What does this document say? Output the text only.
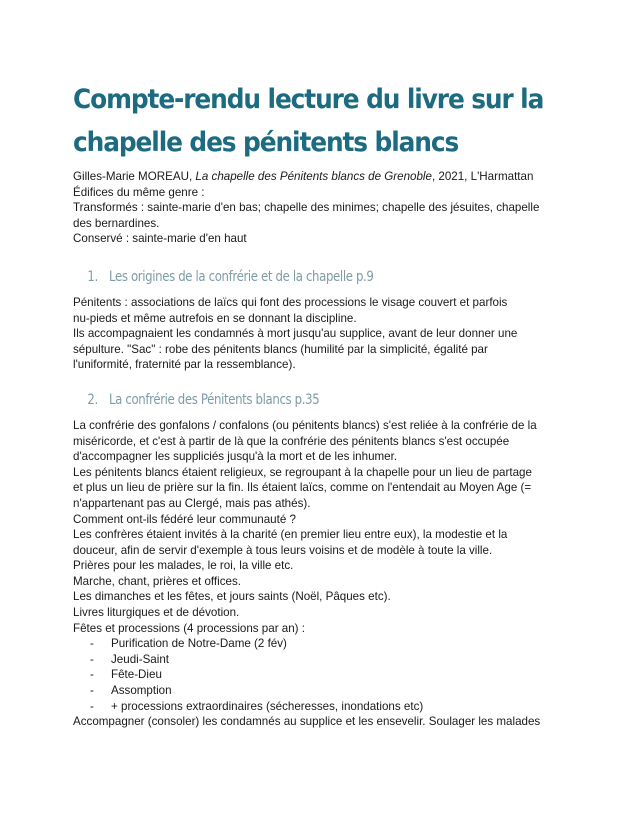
Compte-rendu lecture du livre sur la
chapelle des pénitents blancs
Gilles-Marie MOREAU, La chapelle des Pénitents blancs de Grenoble, 2021, L'Harmattan
Édifices du même genre :
Transformés : sainte-marie d'en bas; chapelle des minimes; chapelle des jésuites, chapelle
des bernardines.
Conservé : sainte-marie d'en haut
1. Les origines de la confrérie et de la chapelle p.9
Pénitents : associations de laïcs qui font des processions le visage couvert et parfois
nu-pieds et même autrefois en se donnant la discipline.
Ils accompagnaient les condamnés à mort jusqu'au supplice, avant de leur donner une
sépulture. "Sac" : robe des pénitents blancs (humilité par la simplicité, égalité par
l'uniformité, fraternité par la ressemblance).
2. La confrérie des Pénitents blancs p.35
La confrérie des gonfalons / confalons (ou pénitents blancs) s'est reliée à la confrérie de la
miséricorde, et c'est à partir de là que la confrérie des pénitents blancs s'est occupée
d'accompagner les suppliciés jusqu'à la mort et de les inhumer.
Les pénitents blancs étaient religieux, se regroupant à la chapelle pour un lieu de partage
et plus un lieu de prière sur la fin. Ils étaient laïcs, comme on l'entendait au Moyen Age (=
n'appartenant pas au Clergé, mais pas athés).
Comment ont-ils fédéré leur communauté ?
Les confrères étaient invités à la charité (en premier lieu entre eux), la modestie et la
douceur, afin de servir d'exemple à tous leurs voisins et de modèle à toute la ville.
Prières pour les malades, le roi, la ville etc.
Marche, chant, prières et offices.
Les dimanches et les fêtes, et jours saints (Noël, Pâques etc).
Livres liturgiques et de dévotion.
Fêtes et processions (4 processions par an) :
- Purification de Notre-Dame (2 fév)
- Jeudi-Saint
- Fête-Dieu
- Assomption
- + processions extraordinaires (sécheresses, inondations etc)
Accompagner (consoler) les condamnés au supplice et les ensevelir. Soulager les malades
